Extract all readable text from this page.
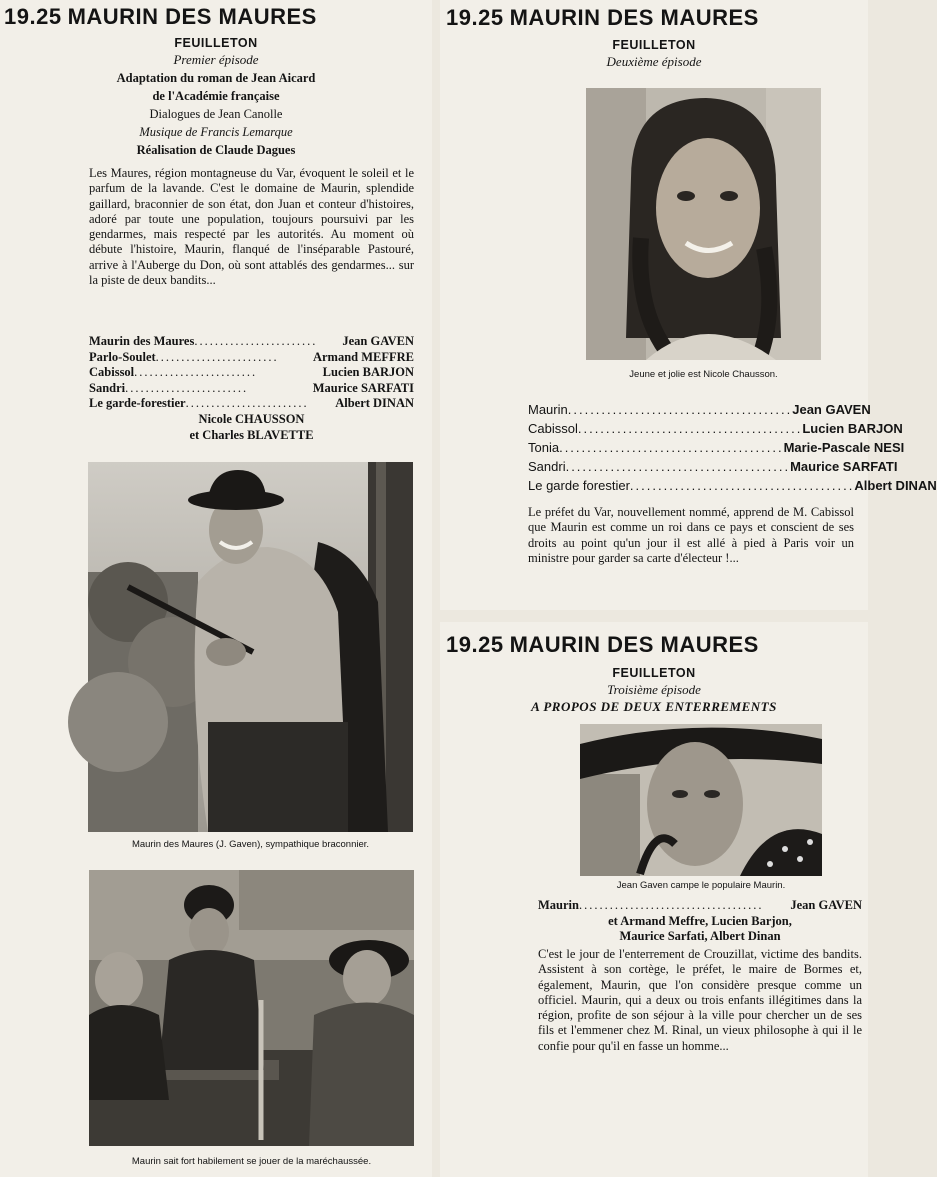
19.25 MAURIN DES MAURES
FEUILLETON
Premier épisode
Adaptation du roman de Jean Aicard
de l'Académie française
Dialogues de Jean Canolle
Musique de Francis Lemarque
Réalisation de Claude Dagues
Les Maures, région montagneuse du Var, évoquent le soleil et le parfum de la lavande. C'est le domaine de Maurin, splendide gaillard, braconnier de son état, don Juan et conteur d'histoires, adoré par toute une population, toujours poursuivi par les gendarmes, mais respecté par les autorités. Au moment où débute l'histoire, Maurin, flanqué de l'inséparable Pastouré, arrive à l'Auberge du Don, où sont attablés des gendarmes... sur la piste de deux bandits...
Maurin des Maures ........................	Jean GAVEN
Parlo-Soulet ........................	Armand MEFFRE
Cabissol ........................	Lucien BARJON
Sandri ........................	Maurice SARFATI
Le garde-forestier ........................	Albert DINAN
Nicole CHAUSSON
et Charles BLAVETTE
Maurin des Maures (J. Gaven), sympathique braconnier.
Maurin sait fort habilement se jouer de la maréchaussée.
19.25 MAURIN DES MAURES
FEUILLETON
Deuxième épisode
Jeune et jolie est Nicole Chausson.
Maurin ........................................ Jean GAVEN
Cabissol ........................................ Lucien BARJON
Tonia ........................................ Marie-Pascale NESI
Sandri ........................................ Maurice SARFATI
Le garde forestier ........................................ Albert DINAN
Le préfet du Var, nouvellement nommé, apprend de M. Cabissol que Maurin est comme un roi dans ce pays et conscient de ses droits au point qu'un jour il est allé à pied à Paris voir un ministre pour garder sa carte d'électeur !...
19.25 MAURIN DES MAURES
FEUILLETON
Troisième épisode
A PROPOS DE DEUX ENTERREMENTS
Jean Gaven campe le populaire Maurin.
Maurin ....................................	Jean GAVEN
et Armand Meffre, Lucien Barjon,
Maurice Sarfati, Albert Dinan
C'est le jour de l'enterrement de Crouzillat, victime des bandits. Assistent à son cortège, le préfet, le maire de Bormes et, également, Maurin, que l'on considère presque comme un officiel. Maurin, qui a deux ou trois enfants illégitimes dans la région, profite de son séjour à la ville pour chercher un de ses fils et l'emmener chez M. Rinal, un vieux philosophe à qui il le confie pour qu'il en fasse un homme...
